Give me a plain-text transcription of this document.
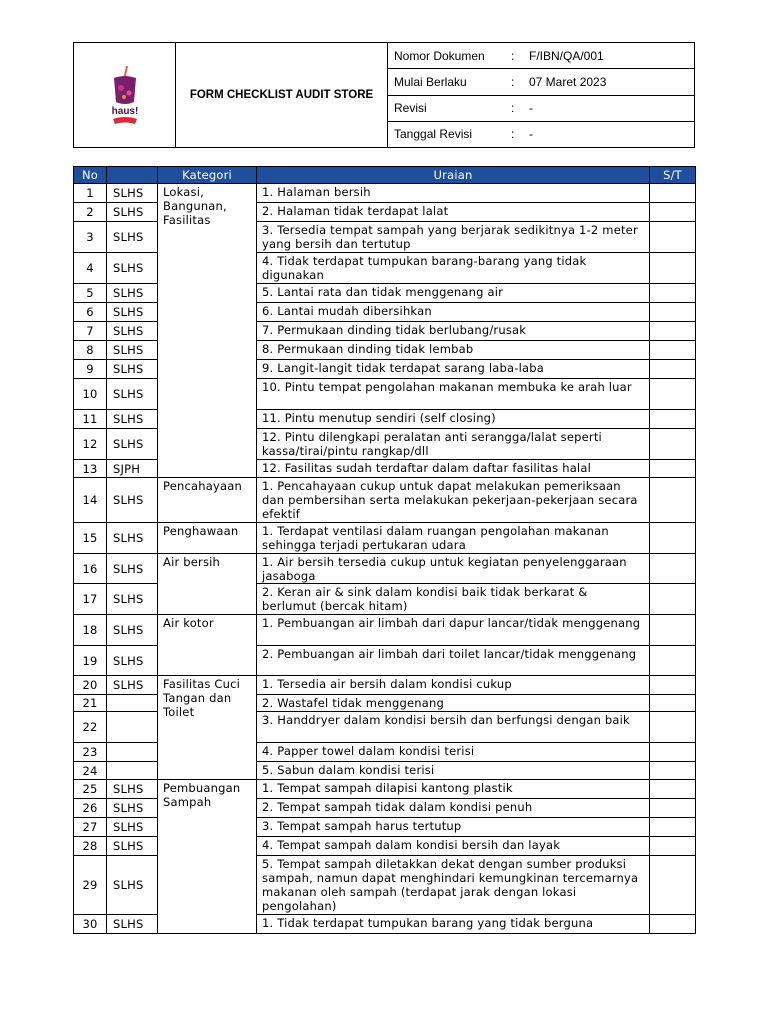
haus!
	FORM CHECKLIST AUDIT STORE	Nomor Dokumen : F/IBN/QA/001
Mulai Berlaku	: 07 Maret 2023
Revisi	: -
Tanggal Revisi	: -
No		Kategori	Uraian	S/T
1	SLHS	Lokasi, Bangunan, Fasilitas	1. Halaman bersih	
2	SLHS		2. Halaman tidak terdapat lalat	
3	SLHS		3. Tersedia tempat sampah yang berjarak sedikitnya 1-2 meter yang bersih dan tertutup	
4	SLHS		4. Tidak terdapat tumpukan barang-barang yang tidak digunakan	
5	SLHS		5. Lantai rata dan tidak menggenang air	
6	SLHS		6. Lantai mudah dibersihkan	
7	SLHS		7. Permukaan dinding tidak berlubang/rusak	
8	SLHS		8. Permukaan dinding tidak lembab	
9	SLHS		9. Langit-langit tidak terdapat sarang laba-laba	
10	SLHS		10. Pintu tempat pengolahan makanan membuka ke arah luar	
11	SLHS		11. Pintu menutup sendiri (self closing)	
12	SLHS		12. Pintu dilengkapi peralatan anti serangga/lalat seperti kassa/tirai/pintu rangkap/dll	
13	SJPH		12. Fasilitas sudah terdaftar dalam daftar fasilitas halal	
14	SLHS	Pencahayaan	1. Pencahayaan cukup untuk dapat melakukan pemeriksaan dan pembersihan serta melakukan pekerjaan-pekerjaan secara efektif	
15	SLHS	Penghawaan	1. Terdapat ventilasi dalam ruangan pengolahan makanan sehingga terjadi pertukaran udara	
16	SLHS	Air bersih	1. Air bersih tersedia cukup untuk kegiatan penyelenggaraan jasaboga	
17	SLHS		2. Keran air & sink dalam kondisi baik tidak berkarat & berlumut (bercak hitam)	
18	SLHS	Air kotor	1. Pembuangan air limbah dari dapur lancar/tidak menggenang	
19	SLHS		2. Pembuangan air limbah dari toilet lancar/tidak menggenang	
20	SLHS	Fasilitas Cuci Tangan dan Toilet	1. Tersedia air bersih dalam kondisi cukup	
21			2. Wastafel tidak menggenang	
22			3. Handdryer dalam kondisi bersih dan berfungsi dengan baik	
23			4. Papper towel dalam kondisi terisi	
24			5. Sabun dalam kondisi terisi	
25	SLHS	Pembuangan Sampah	1. Tempat sampah dilapisi kantong plastik	
26	SLHS		2. Tempat sampah tidak dalam kondisi penuh	
27	SLHS		3. Tempat sampah harus tertutup	
28	SLHS		4. Tempat sampah dalam kondisi bersih dan layak	
29	SLHS		5. Tempat sampah diletakkan dekat dengan sumber produksi sampah, namun dapat menghindari kemungkinan tercemarnya makanan oleh sampah (terdapat jarak dengan lokasi pengolahan)	
30	SLHS		1. Tidak terdapat tumpukan barang yang tidak berguna	
